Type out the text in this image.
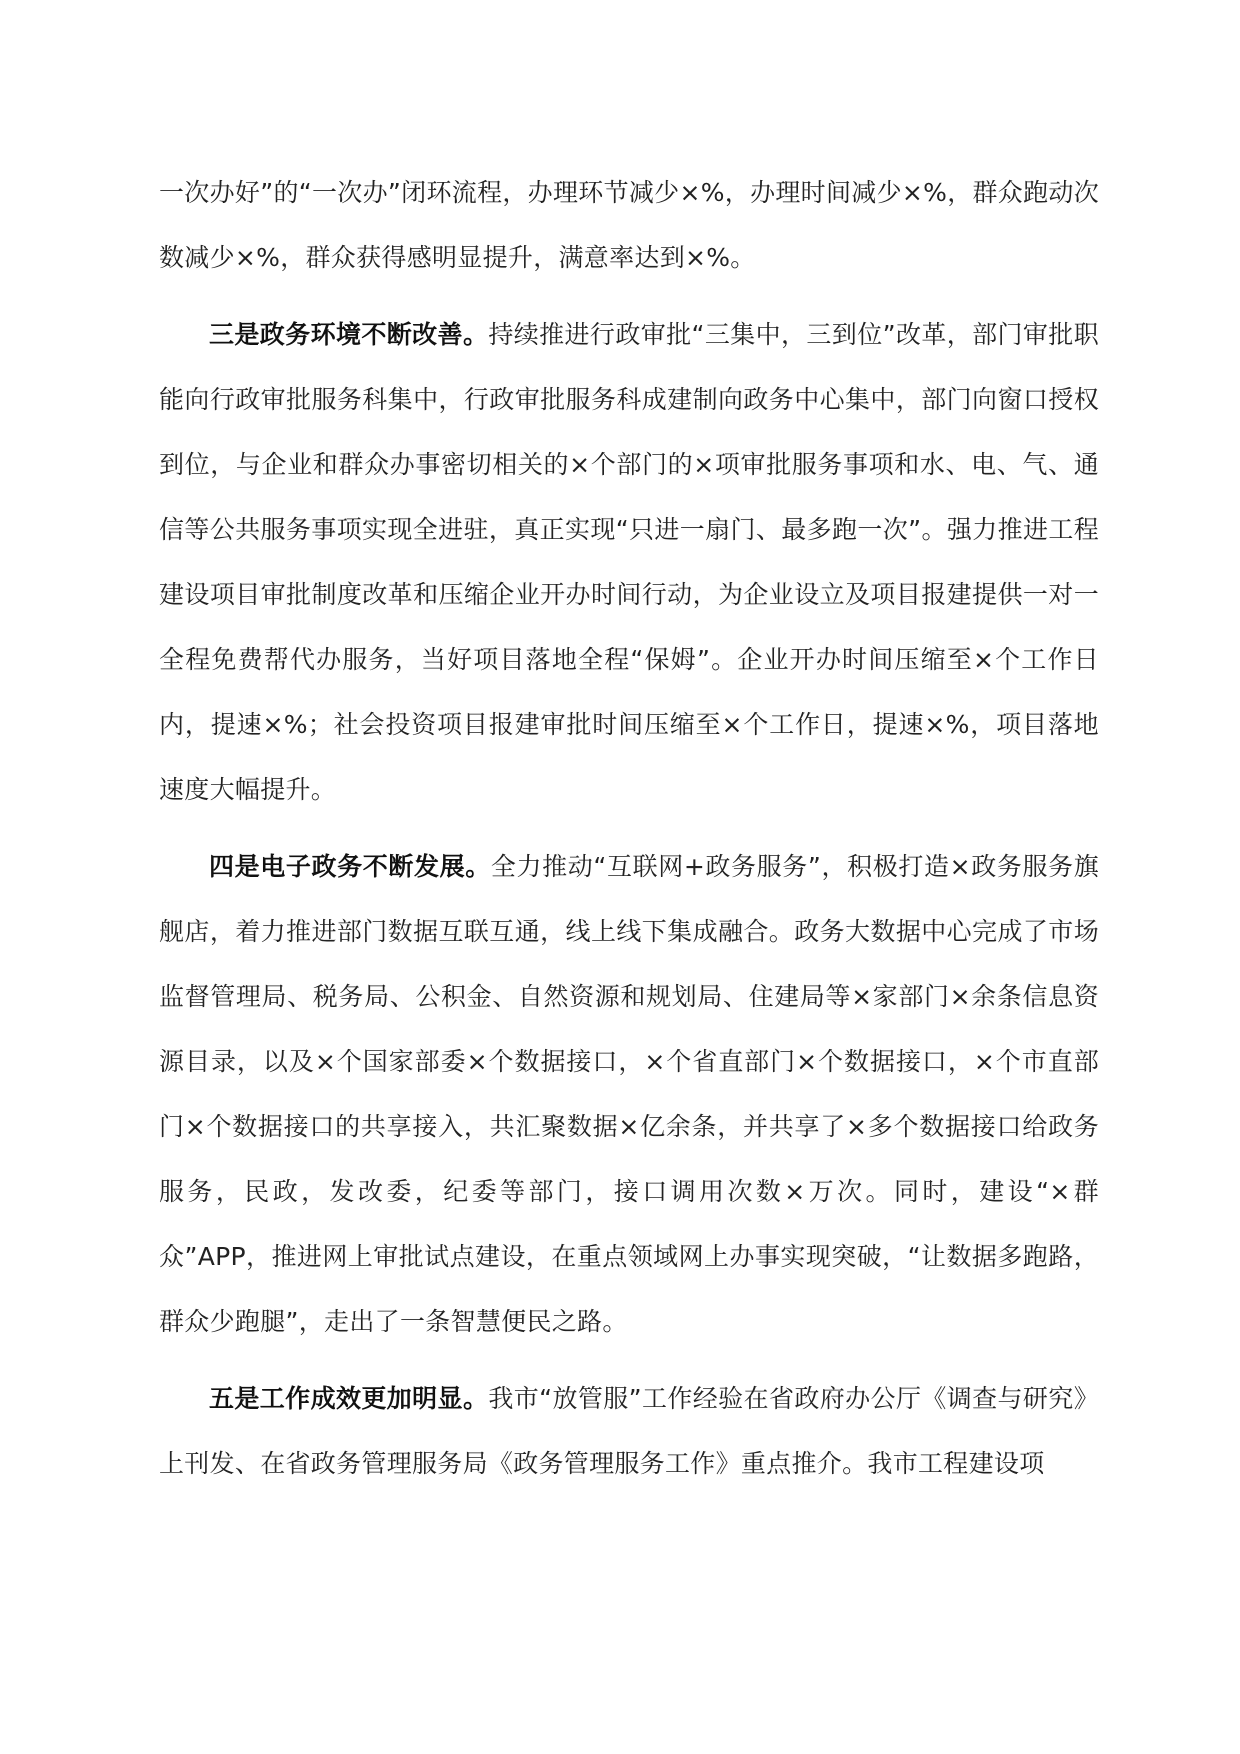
一次办好”的“一次办”闭环流程，办理环节减少×%，办理时间减少×%，群众跑动次数减少×%，群众获得感明显提升，满意率达到×%。

三是政务环境不断改善。持续推进行政审批“三集中，三到位”改革，部门审批职能向行政审批服务科集中，行政审批服务科成建制向政务中心集中，部门向窗口授权到位，与企业和群众办事密切相关的×个部门的×项审批服务事项和水、电、气、通信等公共服务事项实现全进驻，真正实现“只进一扇门、最多跑一次”。强力推进工程建设项目审批制度改革和压缩企业开办时间行动，为企业设立及项目报建提供一对一全程免费帮代办服务，当好项目落地全程“保姆”。企业开办时间压缩至×个工作日内，提速×%；社会投资项目报建审批时间压缩至×个工作日，提速×%，项目落地速度大幅提升。

四是电子政务不断发展。全力推动“互联网+政务服务”，积极打造×政务服务旗舰店，着力推进部门数据互联互通，线上线下集成融合。政务大数据中心完成了市场监督管理局、税务局、公积金、自然资源和规划局、住建局等×家部门×余条信息资源目录，以及×个国家部委×个数据接口，×个省直部门×个数据接口，×个市直部门×个数据接口的共享接入，共汇聚数据×亿余条，并共享了×多个数据接口给政务服务，民政，发改委，纪委等部门，接口调用次数×万次。同时，建设“×群众”APP，推进网上审批试点建设，在重点领域网上办事实现突破，“让数据多跑路，群众少跑腿”，走出了一条智慧便民之路。

五是工作成效更加明显。我市“放管服”工作经验在省政府办公厅《调查与研究》上刊发、在省政务管理服务局《政务管理服务工作》重点推介。我市工程建设项
